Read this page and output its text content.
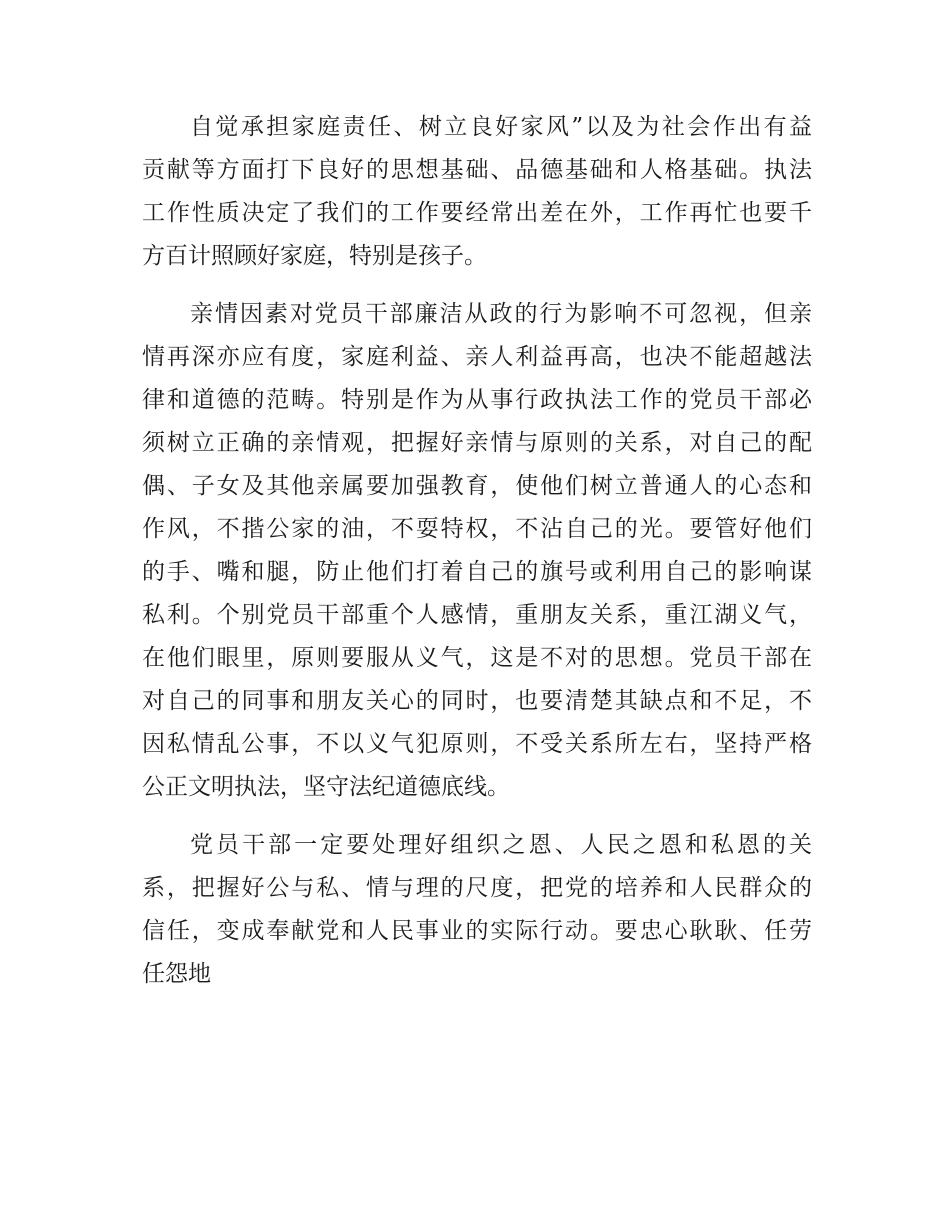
自觉承担家庭责任、树立良好家风”以及为社会作出有益
贡献等方面打下良好的思想基础、品德基础和人格基础。执法
工作性质决定了我们的工作要经常出差在外，工作再忙也要千
方百计照顾好家庭，特别是孩子。
亲情因素对党员干部廉洁从政的行为影响不可忽视，但亲
情再深亦应有度，家庭利益、亲人利益再高，也决不能超越法
律和道德的范畴。特别是作为从事行政执法工作的党员干部必
须树立正确的亲情观，把握好亲情与原则的关系，对自己的配
偶、子女及其他亲属要加强教育，使他们树立普通人的心态和
作风，不揩公家的油，不耍特权，不沾自己的光。要管好他们
的手、嘴和腿，防止他们打着自己的旗号或利用自己的影响谋
私利。个别党员干部重个人感情，重朋友关系，重江湖义气，
在他们眼里，原则要服从义气，这是不对的思想。党员干部在
对自己的同事和朋友关心的同时，也要清楚其缺点和不足，不
因私情乱公事，不以义气犯原则，不受关系所左右，坚持严格
公正文明执法，坚守法纪道德底线。
党员干部一定要处理好组织之恩、人民之恩和私恩的关
系，把握好公与私、情与理的尺度，把党的培养和人民群众的
信任，变成奉献党和人民事业的实际行动。要忠心耿耿、任劳
任怨地
